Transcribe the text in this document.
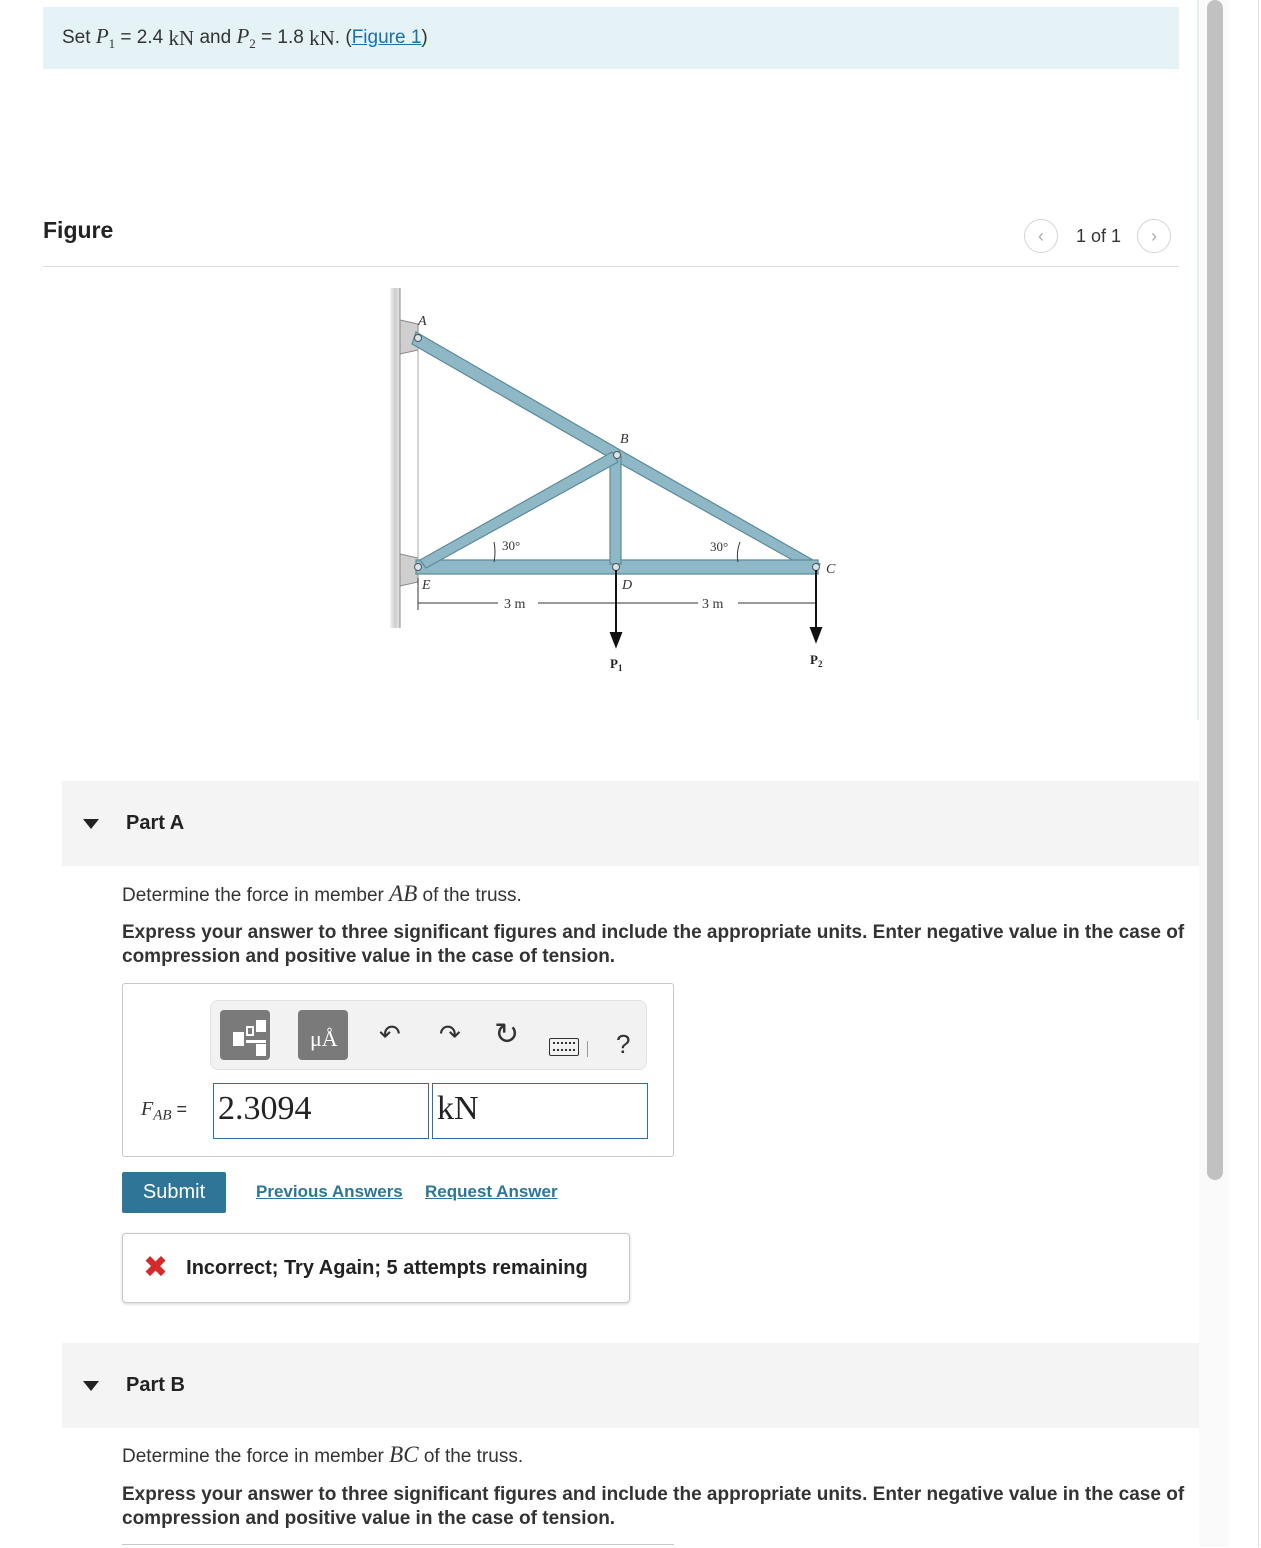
Set
$P_1 = 2.4$ kN and $P_2 = 1.8$ kN . ( Figure 1 )
Figure	‹	1 of 1	›
A
B
C
D
E
30°	30°
3 m	3 m
$P_1$
$P_2$
Part A
Determine the force in member AB of the truss.
Express your answer to three significant figures and include the appropriate units. Enter negative value in the case of compression and positive value in the case of tension.
μÅ ↶ ↷ ↻	?
$F_{AB} = 2.3094$	kN
Submit	Previous Answers Request Answer
✖ Incorrect; Try Again; 5 attempts remaining
Part B
Determine the force in member BC of the truss.
Express your answer to three significant figures and include the appropriate units. Enter negative value in the case of compression and positive value in the case of tension.
